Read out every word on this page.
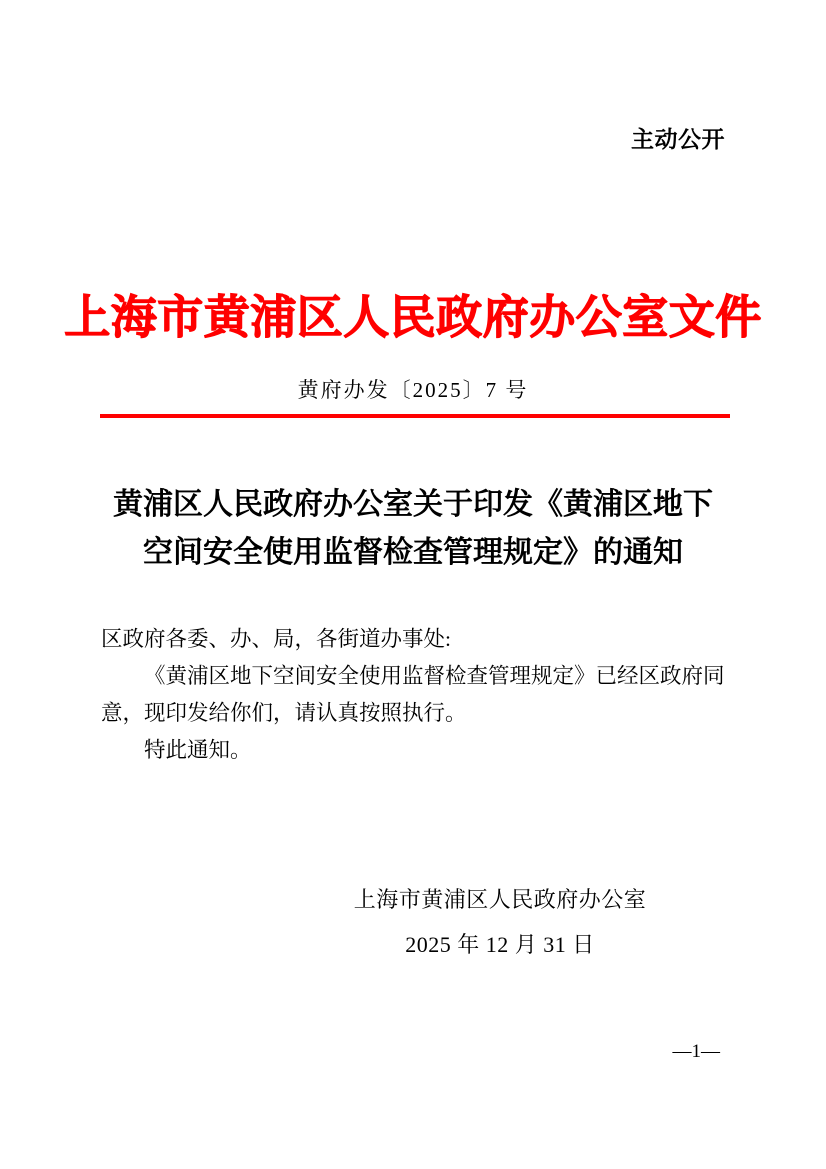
主动公开
上海市黄浦区人民政府办公室文件
黄府办发〔2025〕7 号
黄浦区人民政府办公室关于印发《黄浦区地下
空间安全使用监督检查管理规定》的通知
区政府各委、办、局，各街道办事处:
《黄浦区地下空间安全使用监督检查管理规定》已经区政府同
意，现印发给你们，请认真按照执行。
特此通知。
上海市黄浦区人民政府办公室
2025 年 12 月 31 日
—1—
